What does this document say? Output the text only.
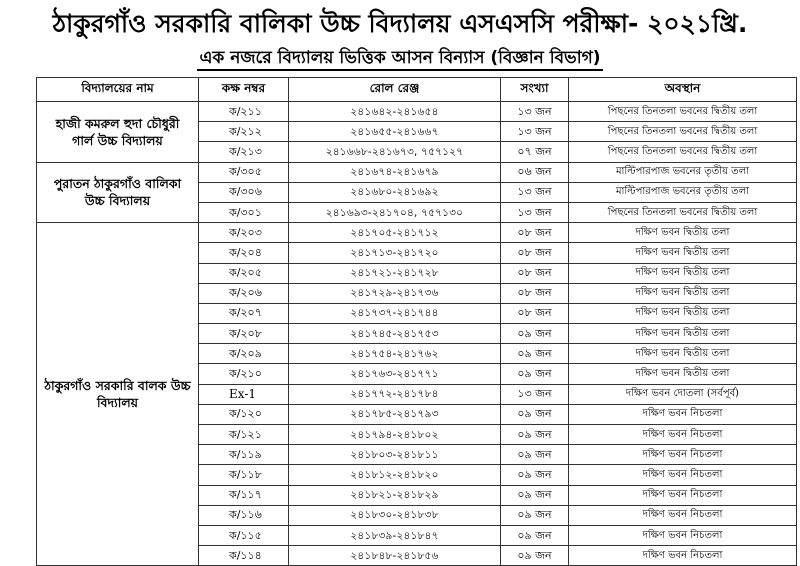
ঠাকুরগাঁও সরকারি বালিকা উচ্চ বিদ্যালয় এসএসসি পরীক্ষা- ২০২১খ্রি.
এক নজরে বিদ্যালয় ভিত্তিক আসন বিন্যাস (বিজ্ঞান বিভাগ)
বিদ্যালয়ের নাম	কক্ষ নম্বর	রোল রেঞ্জ	সংখ্যা	অবস্থান
হাজী কমরুল হুদা চৌধুরী গার্ল উচ্চ বিদ্যালয়	ক/২১১	২৪১৬৪২-২৪১৬৫৪	১৩ জন	পিছনের তিনতলা ভবনের দ্বিতীয় তলা
	ক/২১২	২৪১৬৫৫-২৪১৬৬৭	১৩ জন	পিছনের তিনতলা ভবনের দ্বিতীয় তলা
	ক/২১৩	২৪১৬৬৮-২৪১৬৭৩, ৭৫৭১২৭	০৭ জন	পিছনের তিনতলা ভবনের দ্বিতীয় তলা
পুরাতন ঠাকুরগাঁও বালিকা উচ্চ বিদ্যালয়	ক/৩০৫	২৪১৬৭৪-২৪১৬৭৯	০৬ জন	মাল্টিপারপাজ ভবনের তৃতীয় তলা
	ক/৩০৬	২৪১৬৮০-২৪১৬৯২	১৩ জন	মাল্টিপারপাজ ভবনের তৃতীয় তলা
	ক/৩০১	২৪১৬৯৩-২৪১৭০৪, ৭৫৭১৩০	১৩ জন	পিছনের তিনতলা ভবনের দ্বিতীয় তলা
ঠাকুরগাঁও সরকারি বালক উচ্চ বিদ্যালয়	ক/২০৩	২৪১৭০৫-২৪১৭১২	০৮ জন	দক্ষিণ ভবন দ্বিতীয় তলা
	ক/২০৪	২৪১৭১৩-২৪১৭২০	০৮ জন	দক্ষিণ ভবন দ্বিতীয় তলা
	ক/২০৫	২৪১৭২১-২৪১৭২৮	০৮ জন	দক্ষিণ ভবন দ্বিতীয় তলা
	ক/২০৬	২৪১৭২৯-২৪১৭৩৬	০৮ জন	দক্ষিণ ভবন দ্বিতীয় তলা
	ক/২০৭	২৪১৭৩৭-২৪১৭৪৪	০৮ জন	দক্ষিণ ভবন দ্বিতীয় তলা
	ক/২০৮	২৪১৭৪৫-২৪১৭৫৩	০৯ জন	দক্ষিণ ভবন দ্বিতীয় তলা
	ক/২০৯	২৪১৭৫৪-২৪১৭৬২	০৯ জন	দক্ষিণ ভবন দ্বিতীয় তলা
	ক/২১০	২৪১৭৬৩-২৪১৭৭১	০৯ জন	দক্ষিণ ভবন দ্বিতীয় তলা
	Ex-1	২৪১৭৭২-২৪১৭৮৪	১৩ জন	দক্ষিণ ভবন দোতলা (সর্বপূর্ব)
	ক/১২০	২৪১৭৮৫-২৪১৭৯৩	০৯ জন	দক্ষিণ ভবন নিচতলা
	ক/১২১	২৪১৭৯৪-২৪১৮০২	০৯ জন	দক্ষিণ ভবন নিচতলা
	ক/১১৯	২৪১৮০৩-২৪১৮১১	০৯ জন	দক্ষিণ ভবন নিচতলা
	ক/১১৮	২৪১৮১২-২৪১৮২০	০৯ জন	দক্ষিণ ভবন নিচতলা
	ক/১১৭	২৪১৮২১-২৪১৮২৯	০৯ জন	দক্ষিণ ভবন নিচতলা
	ক/১১৬	২৪১৮৩০-২৪১৮৩৮	০৯ জন	দক্ষিণ ভবন নিচতলা
	ক/১১৫	২৪১৮৩৯-২৪১৮৪৭	০৯ জন	দক্ষিণ ভবন নিচতলা
	ক/১১৪	২৪১৮৪৮-২৪১৮৫৬	০৯ জন	দক্ষিণ ভবন নিচতলা
